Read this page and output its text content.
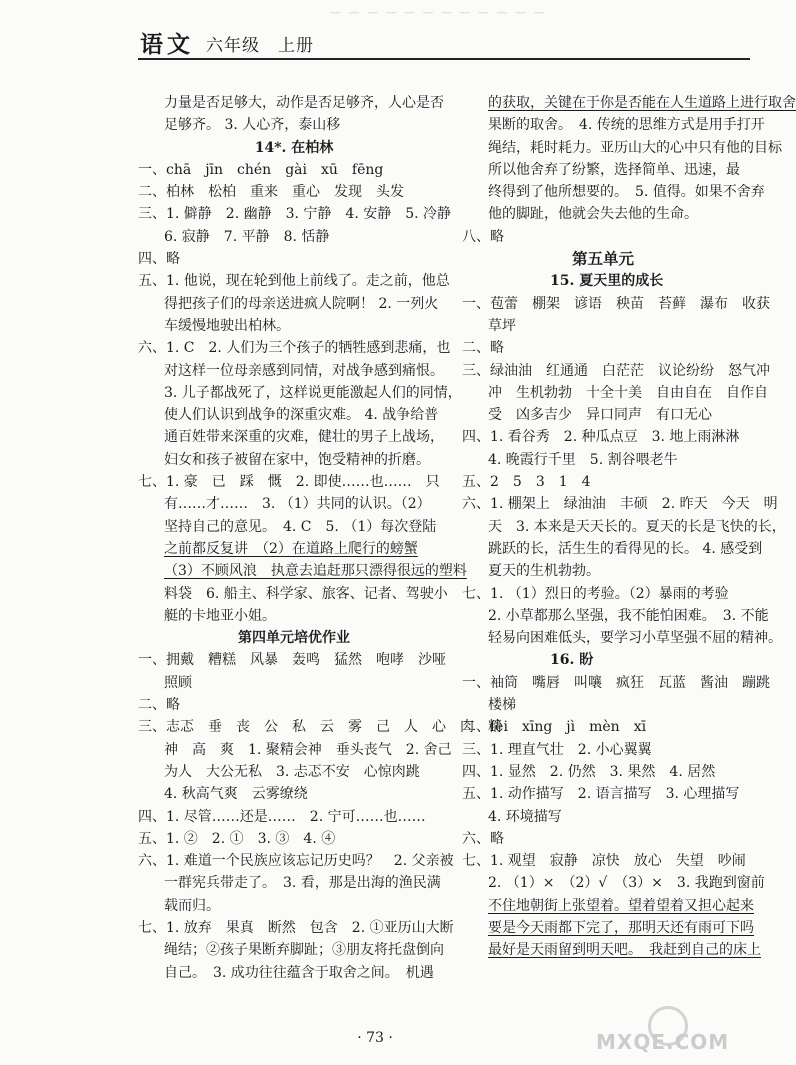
— — — — — — — — — — — —
语文 六年级　上册
力量是否足够大，动作是否足够齐，人心是否
足够齐。 3. 人心齐，泰山移
14*. 在柏林
一、chā　jīn　chén　gài　xū　fēng
二、柏林　松柏　重来　重心　发现　头发
三、1. 僻静　2. 幽静　3. 宁静　4. 安静　5. 冷静
6. 寂静　7. 平静　8. 恬静
四、略
五、1. 他说，现在轮到他上前线了。走之前，他总
得把孩子们的母亲送进疯人院啊！ 2. 一列火
车缓慢地驶出柏林。
六、1. C　2. 人们为三个孩子的牺牲感到悲痛，也
对这样一位母亲感到同情，对战争感到痛恨。
3. 儿子都战死了，这样说更能激起人们的同情，
使人们认识到战争的深重灾难。 4. 战争给普
通百姓带来深重的灾难，健壮的男子上战场，
妇女和孩子被留在家中，饱受精神的折磨。
七、1. 豪　已　踩　慨　2. 即使……也……　只
有……才……　3. （1）共同的认识。（2）
坚持自己的意见。　4. C　5. （1）每次登陆
之前都反复讲　（2）在道路上爬行的螃蟹
（3）不顾风浪　执意去追赶那只漂得很远的塑料
料袋　6. 船主、科学家、旅客、记者、驾驶小
艇的卡地亚小姐。
第四单元培优作业
一、拥戴　糟糕　风暴　轰鸣　猛然　咆哮　沙哑
照顾
二、略
三、志忑　垂　丧　公　私　云　雾　己　人　心　肉　精
神　高　爽　1. 聚精会神　垂头丧气　2. 舍己
为人　大公无私　3. 忐忑不安　心惊肉跳
4. 秋高气爽　云雾缭绕
四、1. 尽管……还是……　2. 宁可……也……
五、1. ②　2. ①　3. ③　4. ④
六、1. 难道一个民族应该忘记历史吗？　2. 父亲被
一群宪兵带走了。　3. 看，那是出海的渔民满
载而归。
七、1. 放弃　果真　断然　包含　2. ①亚历山大断
绳结；②孩子果断弃脚趾；③朋友将托盘倒向
自己。　3. 成功往往蕴含于取舍之间。　机遇
的获取，关键在于你是否能在人生道路上进行取舍
果断的取舍。　4. 传统的思维方式是用手打开
绳结，耗时耗力。亚历山大的心中只有他的目标
所以他舍弃了纷繁，选择简单、迅速，最
终得到了他所想要的。　5. 值得。如果不舍弃
他的脚趾，他就会失去他的生命。
八、略
第五单元
15. 夏天里的成长
一、苞蕾　棚架　谚语　秧苗　苔藓　瀑布　收获
草坪
二、略
三、绿油油　红通通　白茫茫　议论纷纷　怒气冲
冲　生机勃勃　十全十美　自由自在　自作自
受　凶多吉少　异口同声　有口无心
四、1. 看谷秀　2. 种瓜点豆　3. 地上雨淋淋
4. 晚霞行千里　5. 割谷喂老牛
五、2　5　3　1　4
六、1. 棚架上　绿油油　丰硕　2. 昨天　今天　明
天　3. 本来是天天长的。夏天的长是飞快的长，
跳跃的长，活生生的看得见的长。 4. 感受到
夏天的生机勃勃。
七、1. （1）烈日的考验。（2）暴雨的考验
2. 小草都那么坚强，我不能怕困难。　3. 不能
轻易向困难低头，要学习小草坚强不屈的精神。
16. 盼
一、袖筒　嘴唇　叫嚷　疯狂　瓦蓝　酱油　蹦跳
楼梯
二、fèi　xīng　jì　mèn　xī
三、1. 理直气壮　2. 小心翼翼
四、1. 显然　2. 仍然　3. 果然　4. 居然
五、1. 动作描写　2. 语言描写　3. 心理描写
4. 环境描写
六、略
七、1. 观望　寂静　凉快　放心　失望　吵闹
2. （1）×　（2）√　（3）×　3. 我跑到窗前
不住地朝街上张望着。望着望着又担心起来
要是今天雨都下完了，那明天还有雨可下吗
最好是天雨留到明天吧。　我赶到自己的床上
· 73 ·	MXQE.COM
